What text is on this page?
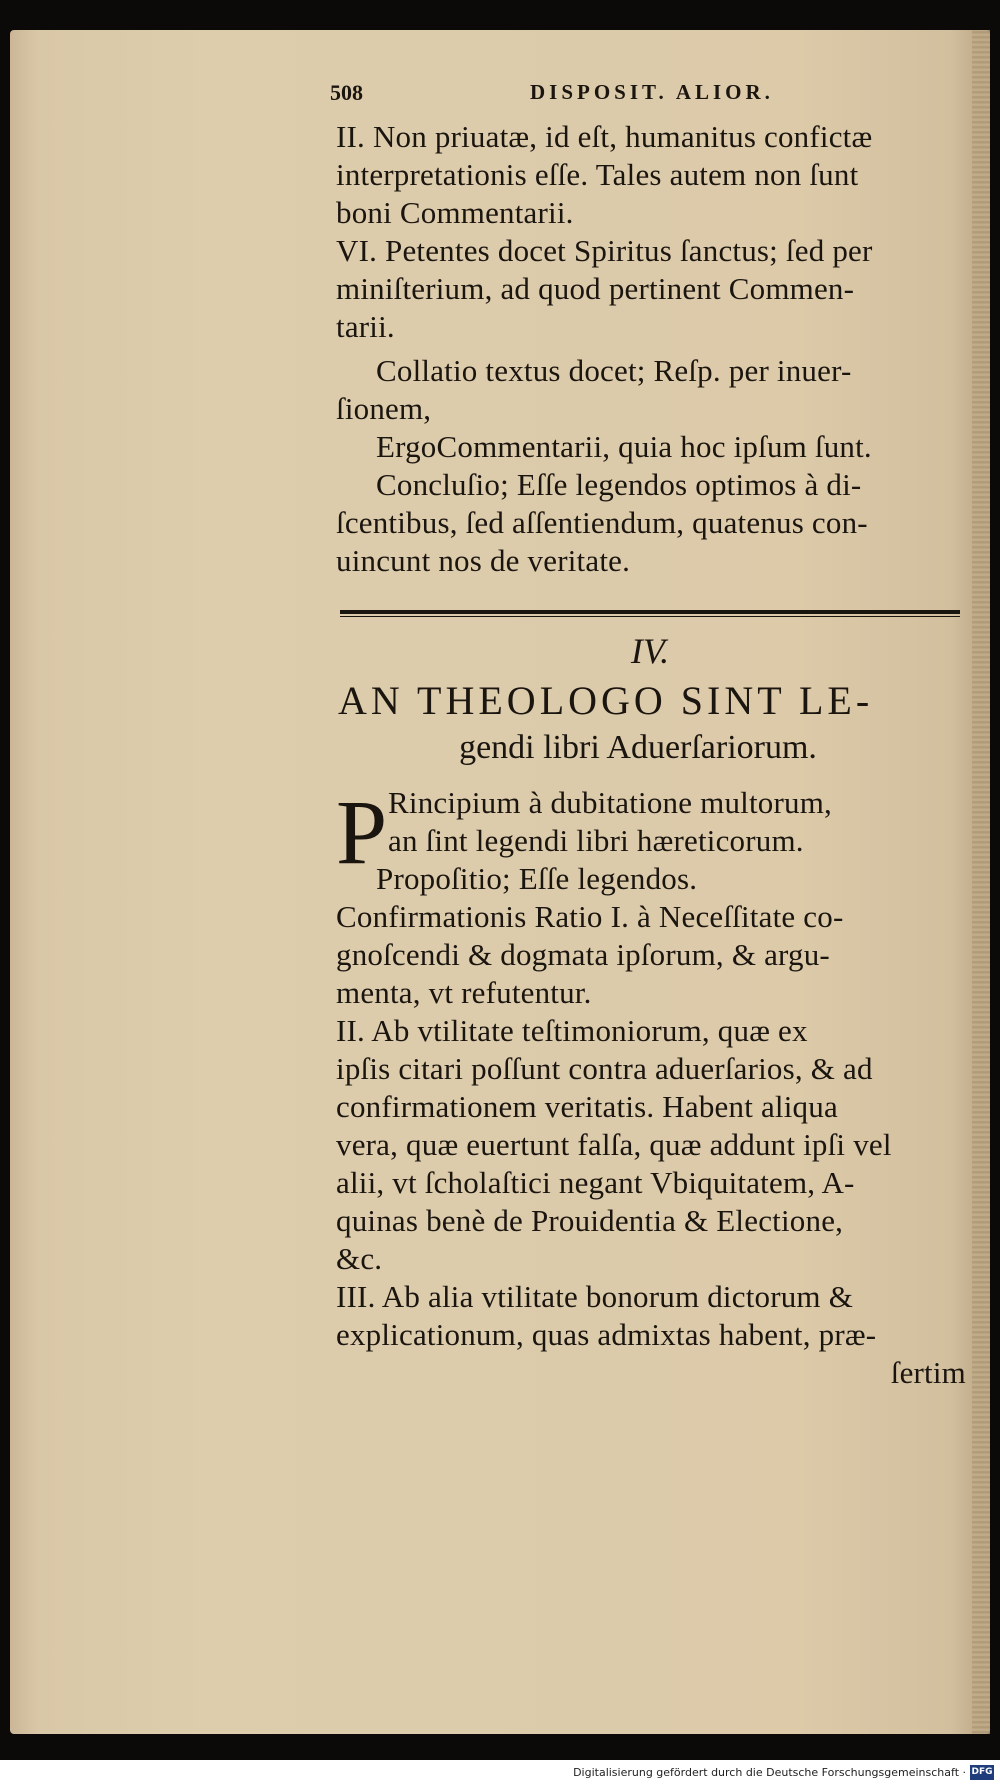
508	DISPOSIT. ALIOR.
II. Non priuatæ, id eſt, humanitus confictæ
interpretationis eſſe. Tales autem non ſunt
boni Commentarii.
VI. Petentes docet Spiritus ſanctus; ſed per
miniſterium, ad quod pertinent Commen-
tarii.
Collatio textus docet; Reſp. per inuer-
ſionem,
ErgoCommentarii, quia hoc ipſum ſunt.
Concluſio; Eſſe legendos optimos à di-
ſcentibus, ſed aſſentiendum, quatenus con-
uincunt nos de veritate.
IV.
AN THEOLOGO SINT LE-
gendi libri Aduerſariorum.
P Rincipium à dubitatione multorum,
an ſint legendi libri hæreticorum.
Propoſitio; Eſſe legendos.
Confirmationis Ratio I. à Neceſſitate co-
gnoſcendi & dogmata ipſorum, & argu-
menta, vt refutentur.
II. Ab vtilitate teſtimoniorum, quæ ex
ipſis citari poſſunt contra aduerſarios, & ad
confirmationem veritatis. Habent aliqua
vera, quæ euertunt falſa, quæ addunt ipſi vel
alii, vt ſcholaſtici negant Vbiquitatem, A-
quinas benè de Prouidentia & Electione,
&c.
III. Ab alia vtilitate bonorum dictorum &
explicationum, quas admixtas habent, præ-
ſertim
Digitalisierung gefördert durch die Deutsche Forschungsgemeinschaft · DFG
